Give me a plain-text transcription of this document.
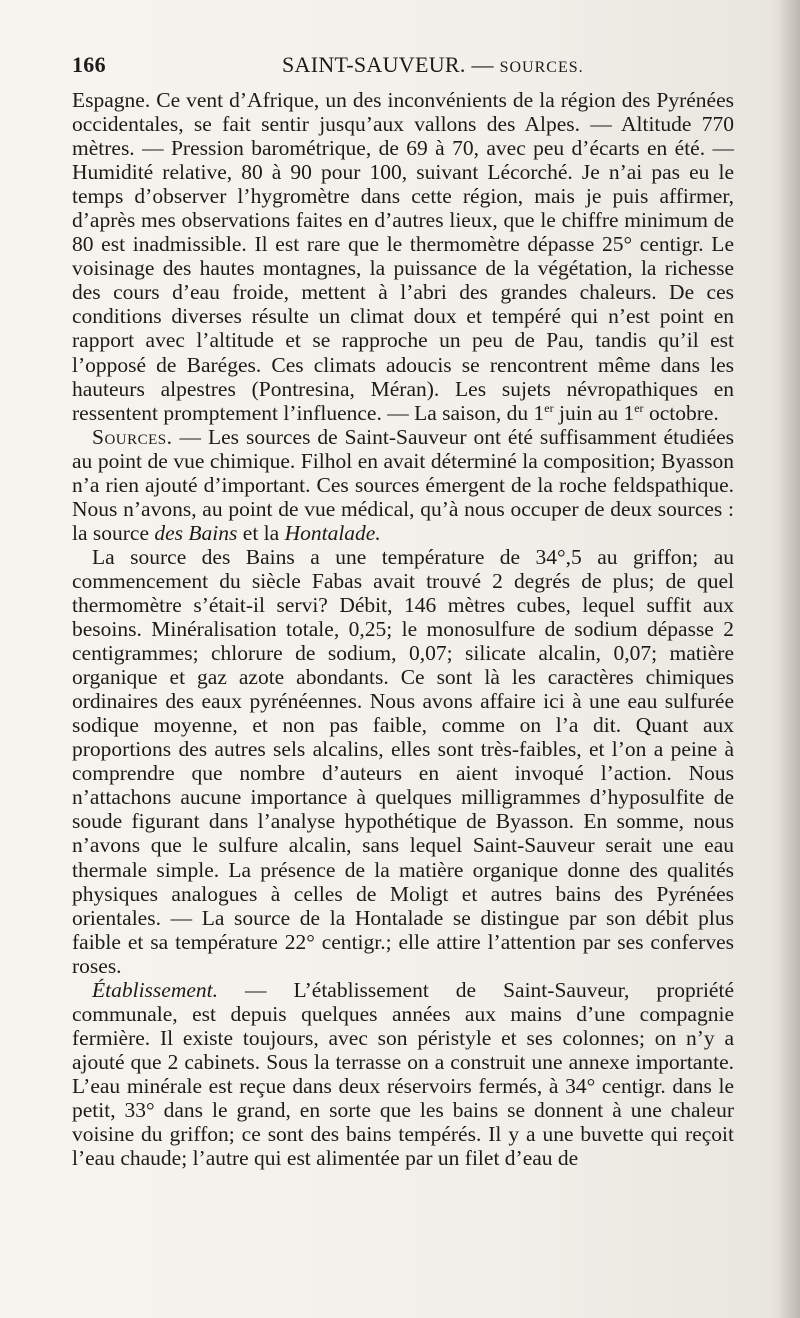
166	SAINT-SAUVEUR. — SOURCES.

Espagne. Ce vent d’Afrique, un des inconvénients de la région des Pyrénées occidentales, se fait sentir jusqu’aux vallons des Alpes. — Altitude 770 mètres. — Pression barométrique, de 69 à 70, avec peu d’écarts en été. — Humidité relative, 80 à 90 pour 100, suivant Lécorché. Je n’ai pas eu le temps d’observer l’hygromètre dans cette région, mais je puis affirmer, d’après mes observations faites en d’autres lieux, que le chiffre minimum de 80 est inadmissible. Il est rare que le thermomètre dépasse 25° centigr. Le voisinage des hautes montagnes, la puissance de la végétation, la richesse des cours d’eau froide, mettent à l’abri des grandes chaleurs. De ces conditions diverses résulte un climat doux et tempéré qui n’est point en rapport avec l’altitude et se rapproche un peu de Pau, tandis qu’il est l’opposé de Baréges. Ces climats adoucis se rencontrent même dans les hauteurs alpestres (Pontresina, Méran). Les sujets névropathiques en ressentent promptement l’influence. — La saison, du 1er juin au 1er octobre.

Sources. — Les sources de Saint-Sauveur ont été suffisamment étudiées au point de vue chimique. Filhol en avait déterminé la composition; Byasson n’a rien ajouté d’important. Ces sources émergent de la roche feldspathique. Nous n’avons, au point de vue médical, qu’à nous occuper de deux sources : la source des Bains et la Hontalade.

La source des Bains a une température de 34°,5 au griffon; au commencement du siècle Fabas avait trouvé 2 degrés de plus; de quel thermomètre s’était-il servi? Débit, 146 mètres cubes, lequel suffit aux besoins. Minéralisation totale, 0,25; le monosulfure de sodium dépasse 2 centigrammes; chlorure de sodium, 0,07; silicate alcalin, 0,07; matière organique et gaz azote abondants. Ce sont là les caractères chimiques ordinaires des eaux pyrénéennes. Nous avons affaire ici à une eau sulfurée sodique moyenne, et non pas faible, comme on l’a dit. Quant aux proportions des autres sels alcalins, elles sont très-faibles, et l’on a peine à comprendre que nombre d’auteurs en aient invoqué l’action. Nous n’attachons aucune importance à quelques milligrammes d’hyposulfite de soude figurant dans l’analyse hypothétique de Byasson. En somme, nous n’avons que le sulfure alcalin, sans lequel Saint-Sauveur serait une eau thermale simple. La présence de la matière organique donne des qualités physiques analogues à celles de Moligt et autres bains des Pyrénées orientales. — La source de la Hontalade se distingue par son débit plus faible et sa température 22° centigr.; elle attire l’attention par ses conferves roses.

Établissement. — L’établissement de Saint-Sauveur, propriété communale, est depuis quelques années aux mains d’une compagnie fermière. Il existe toujours, avec son péristyle et ses colonnes; on n’y a ajouté que 2 cabinets. Sous la terrasse on a construit une annexe importante. L’eau minérale est reçue dans deux réservoirs fermés, à 34° centigr. dans le petit, 33° dans le grand, en sorte que les bains se donnent à une chaleur voisine du griffon; ce sont des bains tempérés. Il y a une buvette qui reçoit l’eau chaude; l’autre qui est alimentée par un filet d’eau de
